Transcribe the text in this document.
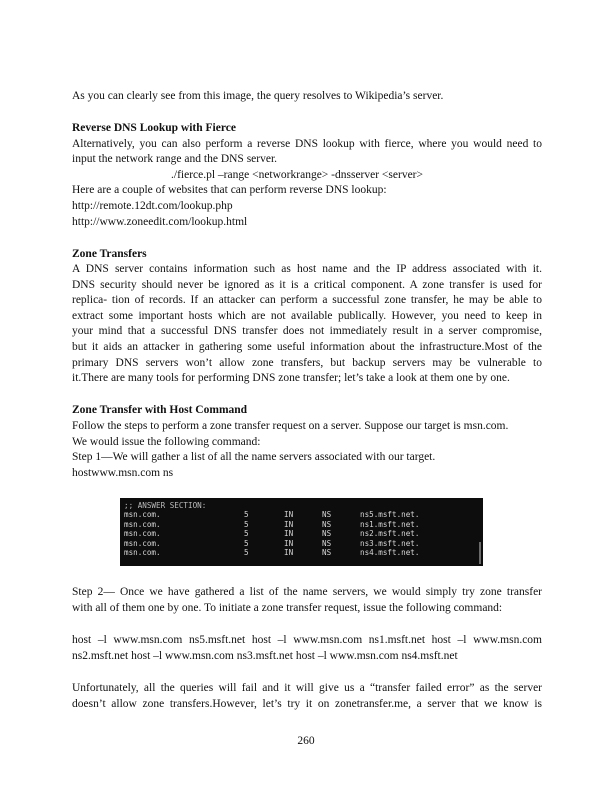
As you can clearly see from this image, the query resolves to Wikipedia’s server.
Reverse DNS Lookup with Fierce
Alternatively, you can also perform a reverse DNS lookup with fierce, where you would need to
input the network range and the DNS server.
./fierce.pl –range <networkrange> -dnsserver <server>
Here are a couple of websites that can perform reverse DNS lookup:
http://remote.12dt.com/lookup.php
http://www.zoneedit.com/lookup.html
Zone Transfers
A DNS server contains information such as host name and the IP address associated with it.
DNS security should never be ignored as it is a critical component. A zone transfer is used for
replica- tion of records. If an attacker can perform a successful zone transfer, he may be able to
extract some important hosts which are not available publically. However, you need to keep in
your mind that a successful DNS transfer does not immediately result in a server compromise,
but it aids an attacker in gathering some useful information about the infrastructure.Most of the
primary DNS servers won’t allow zone transfers, but backup servers may be vulnerable to
it.There are many tools for performing DNS zone transfer; let’s take a look at them one by one.
Zone Transfer with Host Command
Follow the steps to perform a zone transfer request on a server. Suppose our target is msn.com.
We would issue the following command:
Step 1—We will gather a list of all the name servers associated with our target.
hostwww.msn.com ns
;; ANSWER SECTION:
msn.com.	5	IN	NS	ns5.msft.net.
msn.com.	5	IN	NS	ns1.msft.net.
msn.com.	5	IN	NS	ns2.msft.net.
msn.com.	5	IN	NS	ns3.msft.net.
msn.com.	5	IN	NS	ns4.msft.net.
Step 2— Once we have gathered a list of the name servers, we would simply try zone transfer
with all of them one by one. To initiate a zone transfer request, issue the following command:
host –l www.msn.com ns5.msft.net host –l www.msn.com ns1.msft.net host –l www.msn.com
ns2.msft.net host –l www.msn.com ns3.msft.net host –l www.msn.com ns4.msft.net
Unfortunately, all the queries will fail and it will give us a “transfer failed error” as the server
doesn’t allow zone transfers.However, let’s try it on zonetransfer.me, a server that we know is
260
